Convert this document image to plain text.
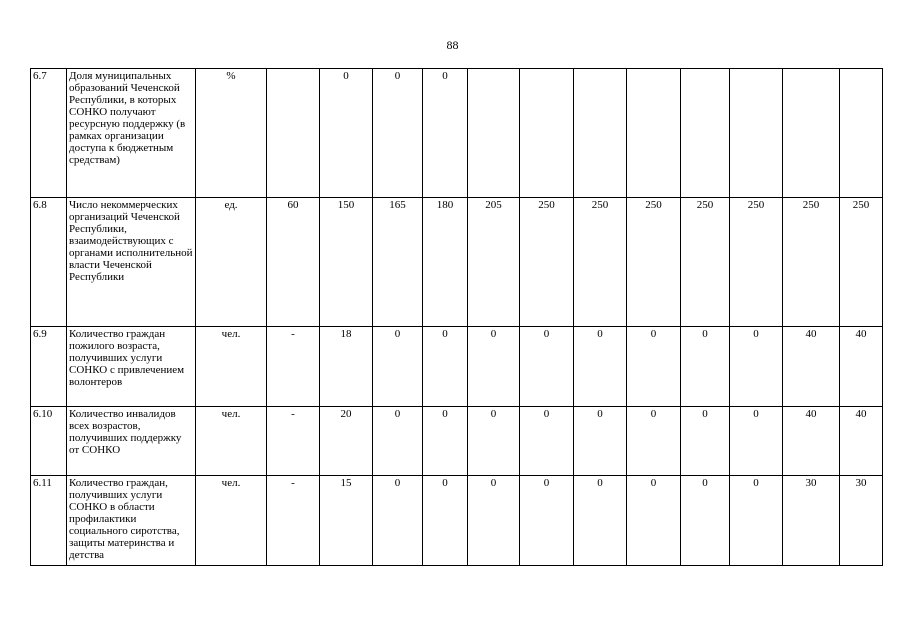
88
6.7	Доля муниципальных образований Чеченской Республики, в которых СОНКО получают ресурсную поддержку (в рамках организации доступа к бюджетным средствам)	%		0	0	0								
6.8	Число некоммерческих организаций Чеченской Республики, взаимодействующих с органами исполнительной власти Чеченской Республики	ед.	60	150	165	180	205	250	250	250	250	250	250	250
6.9	Количество граждан пожилого возраста, получивших услуги СОНКО с привлечением волонтеров	чел.	-	18	0	0	0	0	0	0	0	0	40	40
6.10	Количество инвалидов всех возрастов, получивших поддержку от СОНКО	чел.	-	20	0	0	0	0	0	0	0	0	40	40
6.11	Количество граждан, получивших услуги СОНКО в области профилактики социального сиротства, защиты материнства и детства	чел.	-	15	0	0	0	0	0	0	0	0	30	30
